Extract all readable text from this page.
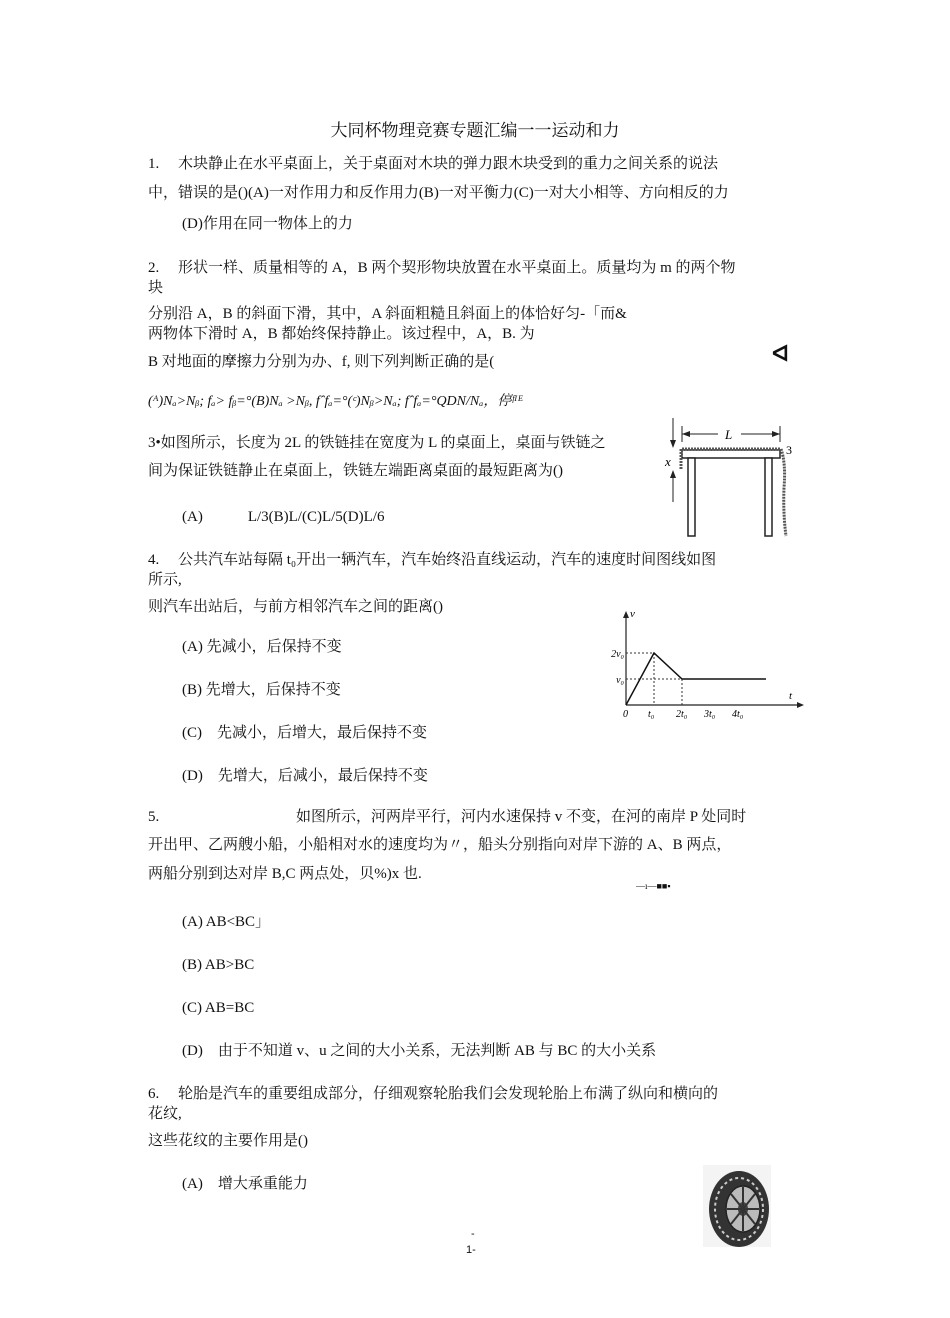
大同杯物理竞赛专题汇编一一运动和力
1.　 木块静止在水平桌面上，关于桌面对木块的弹力跟木块受到的重力之间关系的说法
中，错误的是()(A)一对作用力和反作用力(B)一对平衡力(C)一对大小相等、方向相反的力
(D)作用在同一物体上的力
2.　 形状一样、质量相等的 A，B 两个契形物块放置在水平桌面上。质量均为 m 的两个物
块
分别沿 A，B 的斜面下滑，其中，A 斜面粗糙且斜面上的体恰好匀-「而&
两物体下滑时 A，B 都始终保持静止。该过程中，A，B. 为
B 对地面的摩擦力分别为办、f, 则下列判断正确的是(
(ᴬ)Nₐ>Nᵦ; fₐ> fᵦ=°(B)Nₐ >Nᵦ, fˆfₐ=°(ᶜ)Nᵦ>Nₐ; fˆfₐ=°QDN/Nₐ，停ᶠᴵᴱ
ᐊ
3•如图所示，长度为 2L 的铁链挂在宽度为 L 的桌面上，桌面与铁链之
间为保证铁链静止在桌面上，铁链左端距离桌面的最短距离为()
(A)　　　L/3(B)L/(C)L/5(D)L/6
L
x
3
4.　 公共汽车站每隔 t₀开出一辆汽车，汽车始终沿直线运动，汽车的速度时间图线如图
所示,
则汽车出站后，与前方相邻汽车之间的距离()
(A) 先减小，后保持不变
(B) 先增大，后保持不变
(C)　先减小，后增大，最后保持不变
(D)　先增大，后减小，最后保持不变
t
v
0 t₀ 2t₀ 3t₀ 4t₀
2v₀
v₀
5.	如图所示，河两岸平行，河内水速保持 v 不变，在河的南岸 P 处同时
开出甲、乙两艘小船，小船相对水的速度均为〃，船头分别指向对岸下游的 A、B 两点，
两船分别到达对岸 B,C 两点处，贝%)x 也.
—ı—■■▪
(A) AB<BC」
(B) AB>BC
(C) AB=BC
(D)　由于不知道 v、u 之间的大小关系，无法判断 AB 与 BC 的大小关系
6.　 轮胎是汽车的重要组成部分，仔细观察轮胎我们会发现轮胎上布满了纵向和横向的
花纹,
这些花纹的主要作用是()
(A)　增大承重能力
-
1-
